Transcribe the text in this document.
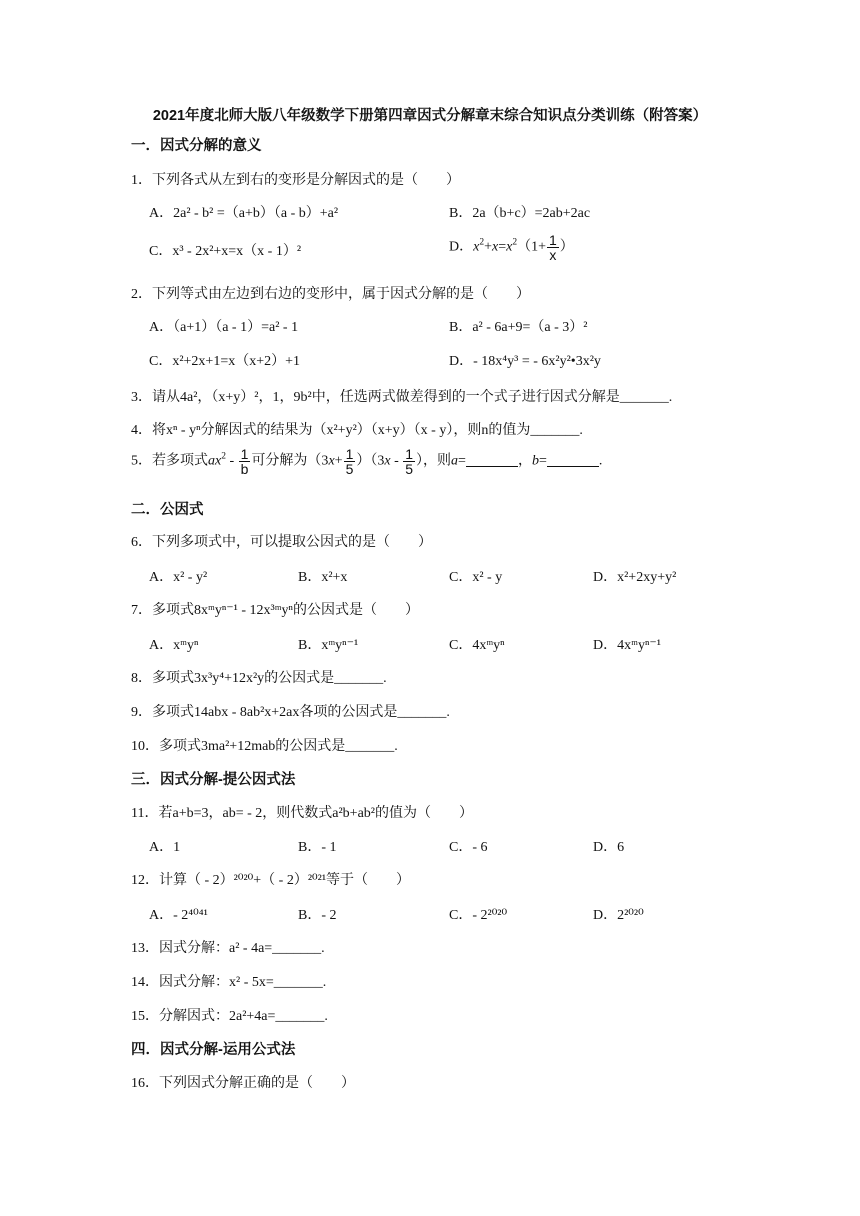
2021年度北师大版八年级数学下册第四章因式分解章末综合知识点分类训练（附答案）
一．因式分解的意义
1．下列各式从左到右的变形是分解因式的是（　　）
A．2a² - b² =（a+b）（a - b）+a²	B．2a（b+c）=2ab+2ac
C．x³ - 2x²+x=x（x - 1）²	D．$x^2+x=x^2(1+ \frac{1}{x}$ ）
2．下列等式由左边到右边的变形中，属于因式分解的是（　　）
A．（a+1）（a - 1）=a² - 1	B．a² - 6a+9=（a - 3）²
C．x²+2x+1=x（x+2）+1	D．- 18x⁴y³ = - 6x²y²•3x²y
3．请从4a²，（x+y）²，1，9b²中，任选两式做差得到的一个式子进行因式分解是_______.
4．将xⁿ - yⁿ分解因式的结果为（x²+y²）（x+y）（x - y），则n的值为_______.
5．若多项式$ax^2 - \frac{1}{b}$ 可分解为$(3x+ \frac{1}{5} )(3x - \frac{1}{5}$ ），则a=	，b=	.
二．公因式
6．下列多项式中，可以提取公因式的是（　　）
A．x² - y²	B．x²+x	C．x² - y	D．x²+2xy+y²
7．多项式8xᵐyⁿ⁻¹ - 12x³ᵐyⁿ的公因式是（　　）
A．xᵐyⁿ	B．xᵐyⁿ⁻¹	C．4xᵐyⁿ	D．4xᵐyⁿ⁻¹
8．多项式3x³y⁴+12x²y的公因式是_______.
9．多项式14abx - 8ab²x+2ax各项的公因式是_______.
10．多项式3ma²+12mab的公因式是_______.
三．因式分解-提公因式法
11．若a+b=3，ab= - 2，则代数式a²b+ab²的值为（　　）
A．1	B．- 1	C．- 6	D．6
12．计算（ - 2）²⁰²⁰+（ - 2）²⁰²¹等于（　　）
A．- 2⁴⁰⁴¹	B．- 2	C．- 2²⁰²⁰	D．2²⁰²⁰
13．因式分解：a² - 4a=_______.
14．因式分解：x² - 5x=_______.
15．分解因式：2a²+4a=_______.
四．因式分解-运用公式法
16．下列因式分解正确的是（　　）
